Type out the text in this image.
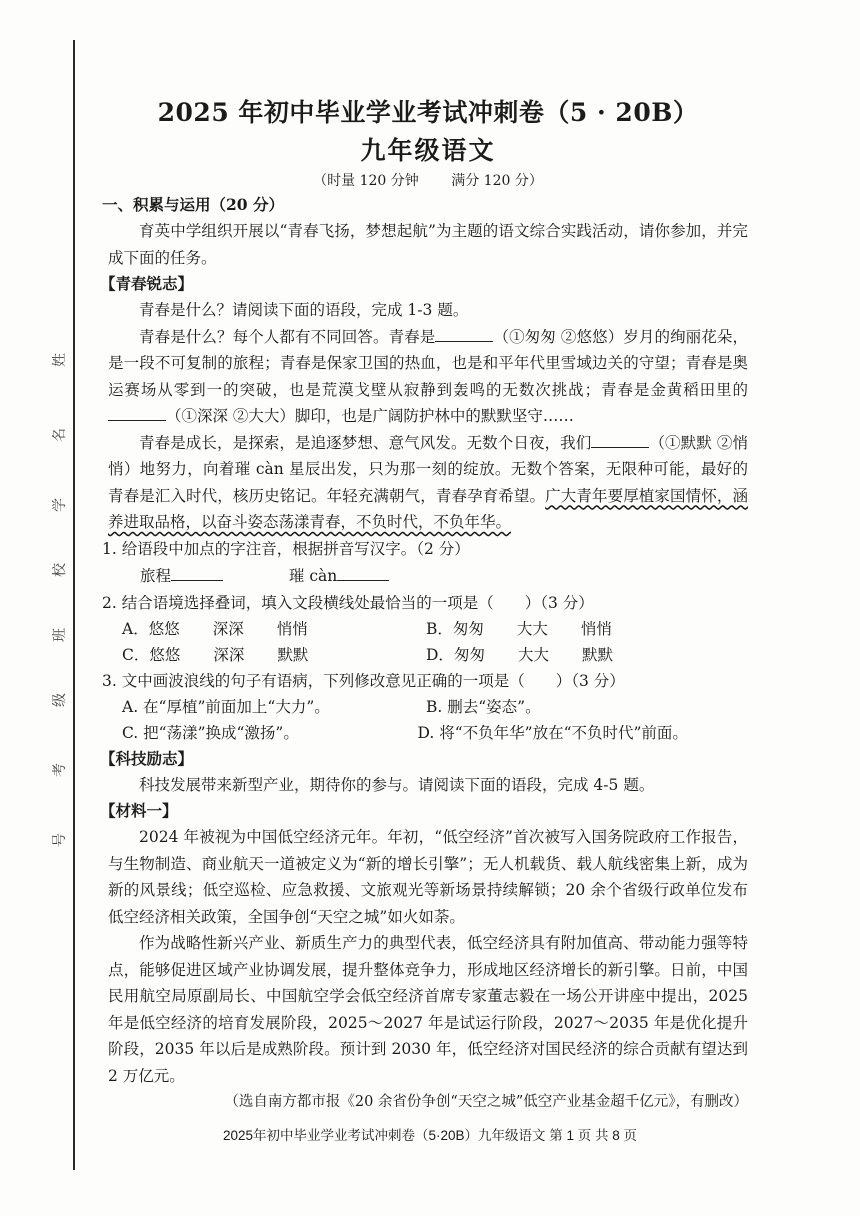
姓
名
学
校
班
级
考
号
2025 年初中毕业学业考试冲刺卷（5 · 20B）
九年级语文
（时量 120 分钟 满分 120 分）

一、积累与运用（20 分）

育英中学组织开展以“青春飞扬，梦想起航”为主题的语文综合实践活动，请你参加，并完成下面的任务。

【青春锐志】

青春是什么？请阅读下面的语段，完成 1-3 题。

青春是什么？每个人都有不同回答。青春是	（①匆匆 ②悠悠）岁月的绚丽花朵，是一段不可复制的旅程；青春是保家卫国的热血，也是和平年代里雪域边关的守望；青春是奥运赛场从零到一的突破，也是荒漠戈壁从寂静到轰鸣的无数次挑战；青春是金黄稻田里的（①深深 ②大大）脚印，也是广阔防护林中的默默坚守……

青春是成长，是探索，是追逐梦想、意气风发。无数个日夜，我们	（①默默 ②悄悄）地努力，向着璀 càn 星辰出发，只为那一刻的绽放。无数个答案，无限种可能，最好的青春是汇入时代，核历史铭记。年轻充满朝气，青春孕育希望。广大青年要厚植家国情怀，涵养进取品格，以奋斗姿态荡漾青春，不负时代，不负年华。

1. 给语段中加点的字注音，根据拼音写汉字。（2 分）

旅程	璀 càn

2. 结合语境选择叠词，填入文段横线处最恰当的一项是（　　）（3 分）

A．悠悠 深深 悄悄	B．匆匆 大大 悄悄
C．悠悠 深深 默默	D．匆匆 大大 默默

3. 文中画波浪线的句子有语病，下列修改意见正确的一项是（　　）（3 分）

A. 在“厚植”前面加上“大力”。	B. 删去“姿态”。
C. 把“荡漾”换成“激扬”。	D. 将“不负年华”放在“不负时代”前面。

【科技励志】

科技发展带来新型产业，期待你的参与。请阅读下面的语段，完成 4-5 题。

【材料一】

2024 年被视为中国低空经济元年。年初，“低空经济”首次被写入国务院政府工作报告，与生物制造、商业航天一道被定义为“新的增长引擎”；无人机载货、载人航线密集上新，成为新的风景线；低空巡检、应急救援、文旅观光等新场景持续解锁；20 余个省级行政单位发布低空经济相关政策，全国争创“天空之城”如火如荼。

作为战略性新兴产业、新质生产力的典型代表，低空经济具有附加值高、带动能力强等特点，能够促进区域产业协调发展，提升整体竞争力，形成地区经济增长的新引擎。日前，中国民用航空局原副局长、中国航空学会低空经济首席专家董志毅在一场公开讲座中提出，2025 年是低空经济的培育发展阶段，2025～2027 年是试运行阶段，2027～2035 年是优化提升阶段，2035 年以后是成熟阶段。预计到 2030 年，低空经济对国民经济的综合贡献有望达到 2 万亿元。

（选自南方都市报《20 余省份争创“天空之城”低空产业基金超千亿元》，有删改）

2025年初中毕业学业考试冲刺卷（5·20B）九年级语文 第 1 页 共 8 页
